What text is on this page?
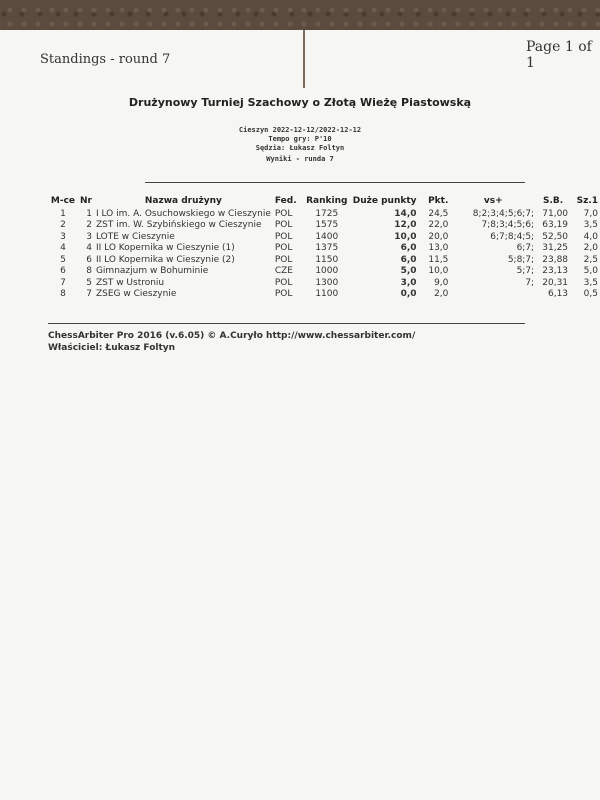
Standings - round 7
Page 1 of 1
Drużynowy Turniej Szachowy o Złotą Wieżę Piastowską
Cieszyn 2022-12-12/2022-12-12
Tempo gry: P'10
Sędzia: Łukasz Foltyn
Wyniki - runda 7
M-ce	Nr	Nazwa drużyny	Fed.	Ranking	Duże punkty	Pkt.	vs+	S.B.	Sz.1
1	1	I LO im. A. Osuchowskiego w Cieszynie	POL	1725	14,0	24,5	8;2;3;4;5;6;7;	71,00	7,0
2	2	ZST im. W. Szybińskiego w Cieszynie	POL	1575	12,0	22,0	7;8;3;4;5;6;	63,19	3,5
3	3	LOTE w Cieszynie	POL	1400	10,0	20,0	6;7;8;4;5;	52,50	4,0
4	4	II LO Kopernika w Cieszynie (1)	POL	1375	6,0	13,0	6;7;	31,25	2,0
5	6	II LO Kopernika w Cieszynie (2)	POL	1150	6,0	11,5	5;8;7;	23,88	2,5
6	8	Gimnazjum w Bohuminie	CZE	1000	5,0	10,0	5;7;	23,13	5,0
7	5	ZST w Ustroniu	POL	1300	3,0	9,0	7;	20,31	3,5
8	7	ZSEG w Cieszynie	POL	1100	0,0	2,0		6,13	0,5
ChessArbiter Pro 2016 (v.6.05) © A.Curyło http://www.chessarbiter.com/
Właściciel: Łukasz Foltyn
